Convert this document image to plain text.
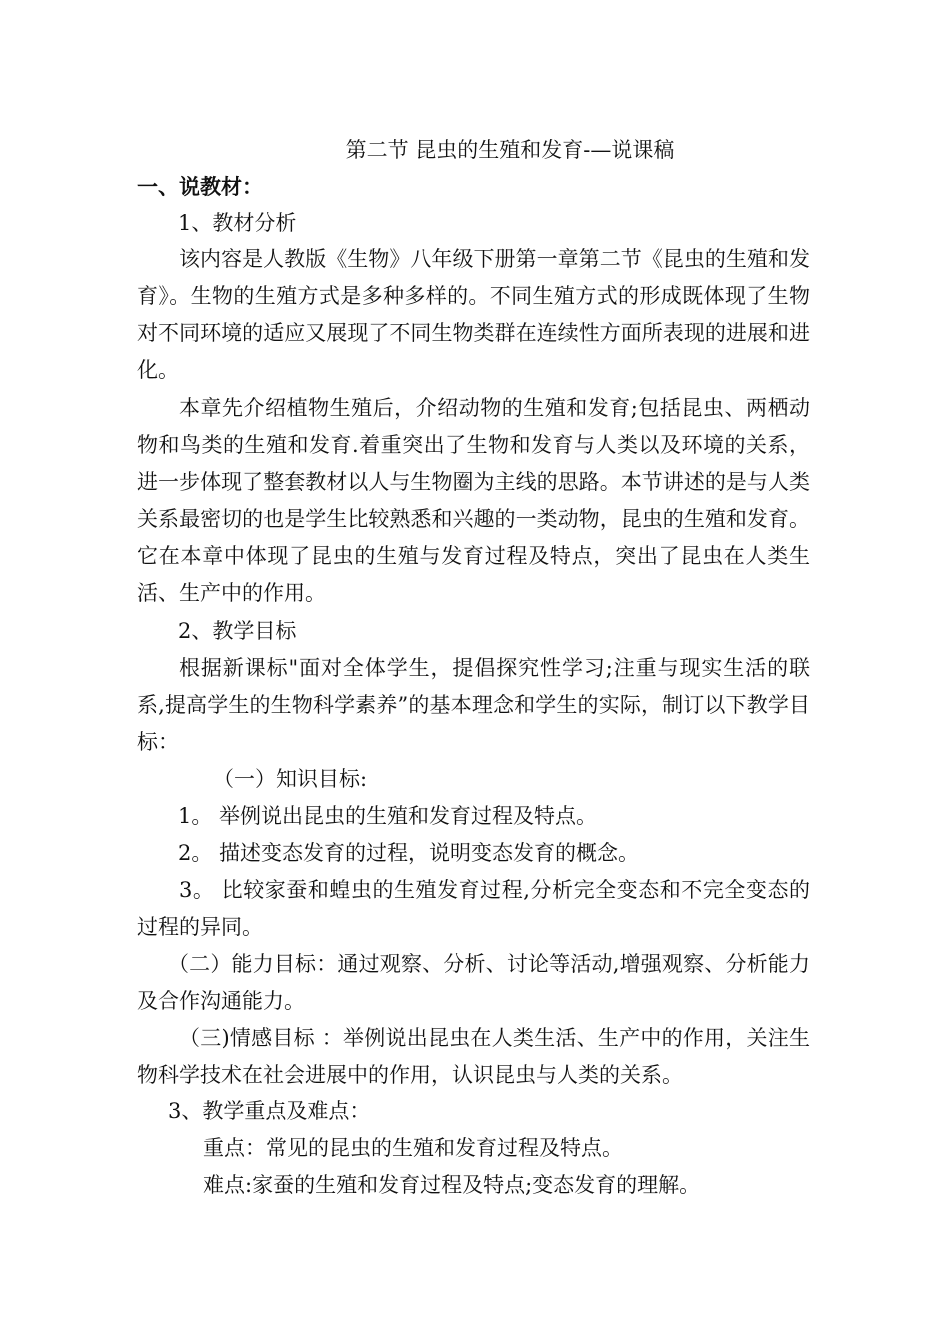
第二节 昆虫的生殖和发育-—说课稿
一、说教材：
1、教材分析
该内容是人教版《生物》八年级下册第一章第二节《昆虫的生殖和发育》。生物的生殖方式是多种多样的。不同生殖方式的形成既体现了生物对不同环境的适应又展现了不同生物类群在连续性方面所表现的进展和进化。
本章先介绍植物生殖后，介绍动物的生殖和发育;包括昆虫、两栖动物和鸟类的生殖和发育.着重突出了生物和发育与人类以及环境的关系，进一步体现了整套教材以人与生物圈为主线的思路。本节讲述的是与人类关系最密切的也是学生比较熟悉和兴趣的一类动物，昆虫的生殖和发育。它在本章中体现了昆虫的生殖与发育过程及特点，突出了昆虫在人类生活、生产中的作用。
2、教学目标
根据新课标"面对全体学生，提倡探究性学习;注重与现实生活的联系,提高学生的生物科学素养”的基本理念和学生的实际，制订以下教学目标：
（一）知识目标:
1。 举例说出昆虫的生殖和发育过程及特点。
2。 描述变态发育的过程，说明变态发育的概念。
3。 比较家蚕和蝗虫的生殖发育过程,分析完全变态和不完全变态的过程的异同。
（二）能力目标：通过观察、分析、讨论等活动,增强观察、分析能力及合作沟通能力。
（三)情感目标 ：举例说出昆虫在人类生活、生产中的作用，关注生物科学技术在社会进展中的作用，认识昆虫与人类的关系。
3、教学重点及难点：
重点：常见的昆虫的生殖和发育过程及特点。
难点:家蚕的生殖和发育过程及特点;变态发育的理解。
